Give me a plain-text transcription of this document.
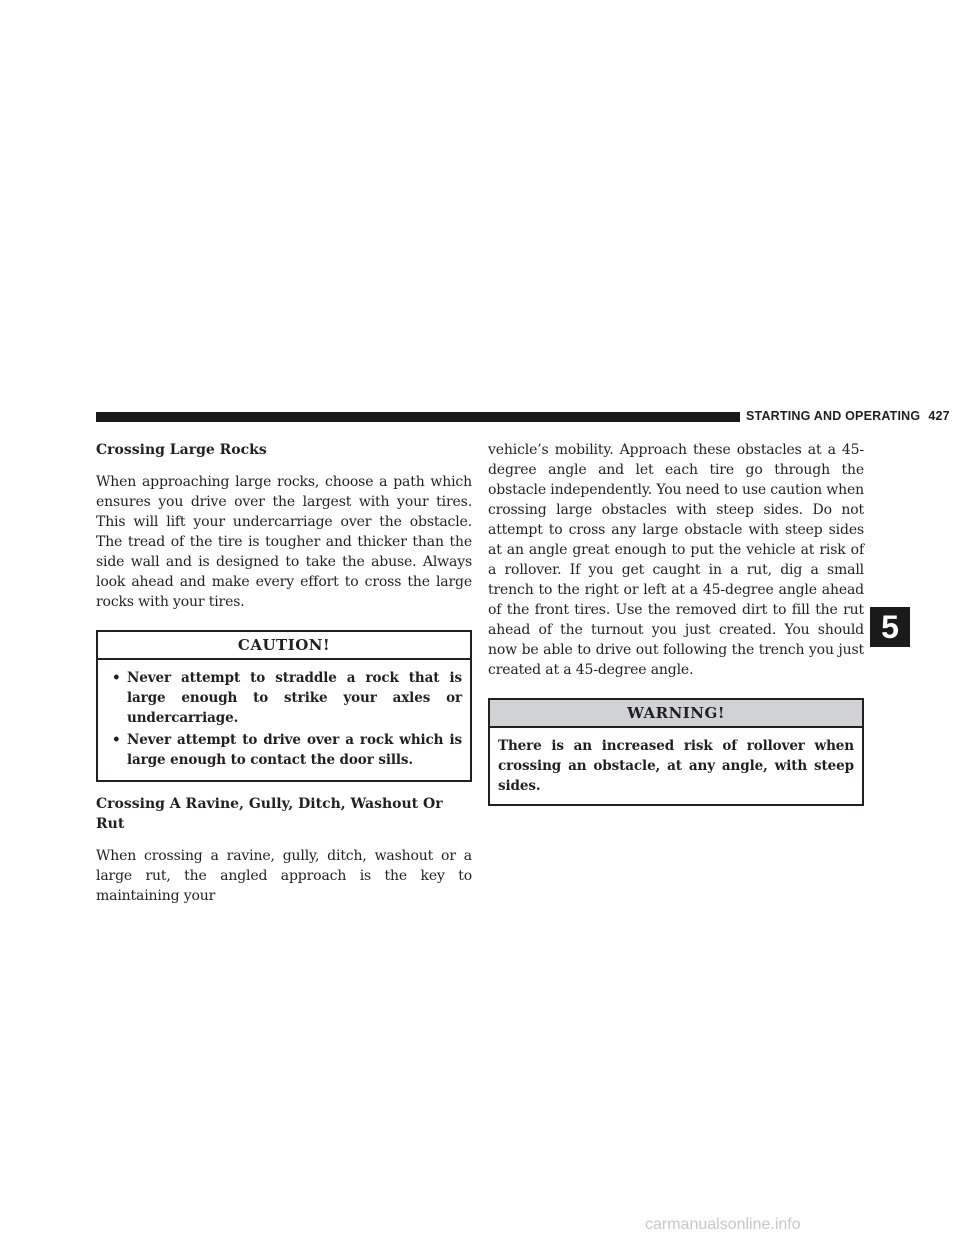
STARTING AND OPERATING 427
Crossing Large Rocks

When approaching large rocks, choose a path which ensures you drive over the largest with your tires. This will lift your undercarriage over the obstacle. The tread of the tire is tougher and thicker than the side wall and is designed to take the abuse. Always look ahead and make every effort to cross the large rocks with your tires.

CAUTION!
• Never attempt to straddle a rock that is large enough to strike your axles or undercarriage.
• Never attempt to drive over a rock which is large enough to contact the door sills.
Crossing A Ravine, Gully, Ditch, Washout Or Rut

When crossing a ravine, gully, ditch, washout or a large rut, the angled approach is the key to maintaining your

vehicle’s mobility. Approach these obstacles at a 45-degree angle and let each tire go through the obstacle independently. You need to use caution when crossing large obstacles with steep sides. Do not attempt to cross any large obstacle with steep sides at an angle great enough to put the vehicle at risk of a rollover. If you get caught in a rut, dig a small trench to the right or left at a 45-degree angle ahead of the front tires. Use the removed dirt to fill the rut ahead of the turnout you just created. You should now be able to drive out following the trench you just created at a 45-degree angle.

WARNING!

There is an increased risk of rollover when crossing an obstacle, at any angle, with steep sides.

5
carmanualsonline.info
